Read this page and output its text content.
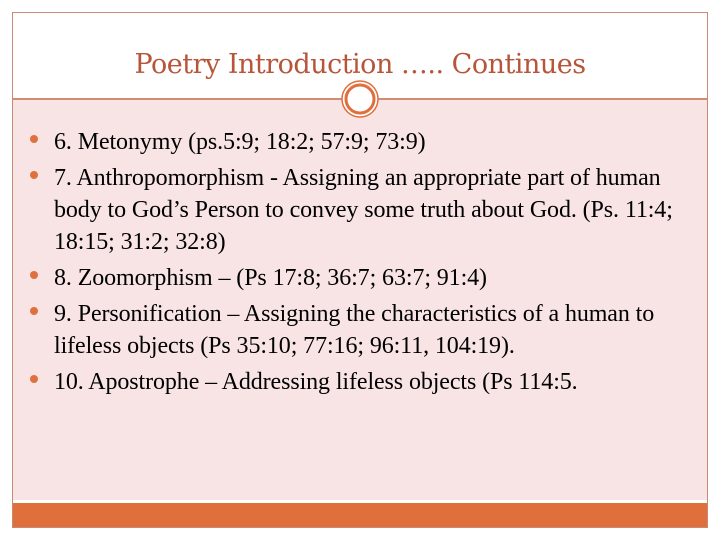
Poetry Introduction ….. Continues
6. Metonymy (ps.5:9; 18:2; 57:9; 73:9)
7. Anthropomorphism - Assigning an appropriate part of human body to God’s Person to convey some truth about God. (Ps. 11:4; 18:15; 31:2; 32:8)
8. Zoomorphism – (Ps 17:8; 36:7; 63:7; 91:4)
9. Personification – Assigning the characteristics of a human to lifeless objects (Ps 35:10; 77:16; 96:11, 104:19).
10. Apostrophe – Addressing lifeless objects (Ps 114:5.
